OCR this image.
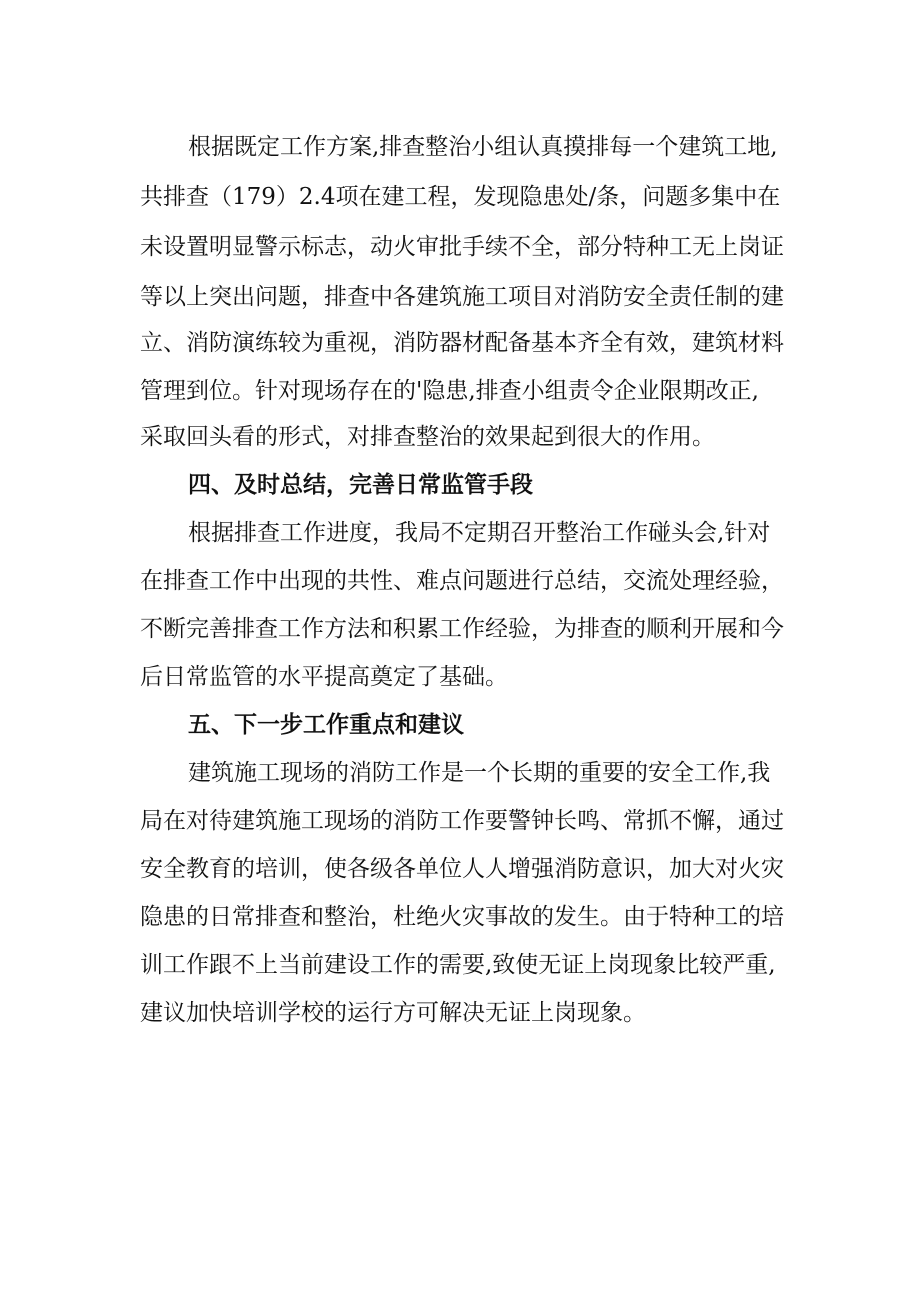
根据既定工作方案,排查整治小组认真摸排每一个建筑工地,
共排查（179）2.4项在建工程，发现隐患处/条，问题多集中在
未设置明显警示标志，动火审批手续不全，部分特种工无上岗证
等以上突出问题，排查中各建筑施工项目对消防安全责任制的建
立、消防演练较为重视，消防器材配备基本齐全有效，建筑材料
管理到位。针对现场存在的'隐患,排查小组责令企业限期改正,
采取回头看的形式，对排查整治的效果起到很大的作用。
四、及时总结，完善日常监管手段
根据排查工作进度，我局不定期召开整治工作碰头会,针对
在排查工作中出现的共性、难点问题进行总结，交流处理经验，
不断完善排查工作方法和积累工作经验，为排查的顺利开展和今
后日常监管的水平提高奠定了基础。
五、下一步工作重点和建议
建筑施工现场的消防工作是一个长期的重要的安全工作,我
局在对待建筑施工现场的消防工作要警钟长鸣、常抓不懈，通过
安全教育的培训，使各级各单位人人增强消防意识，加大对火灾
隐患的日常排查和整治，杜绝火灾事故的发生。由于特种工的培
训工作跟不上当前建设工作的需要,致使无证上岗现象比较严重,
建议加快培训学校的运行方可解决无证上岗现象。
